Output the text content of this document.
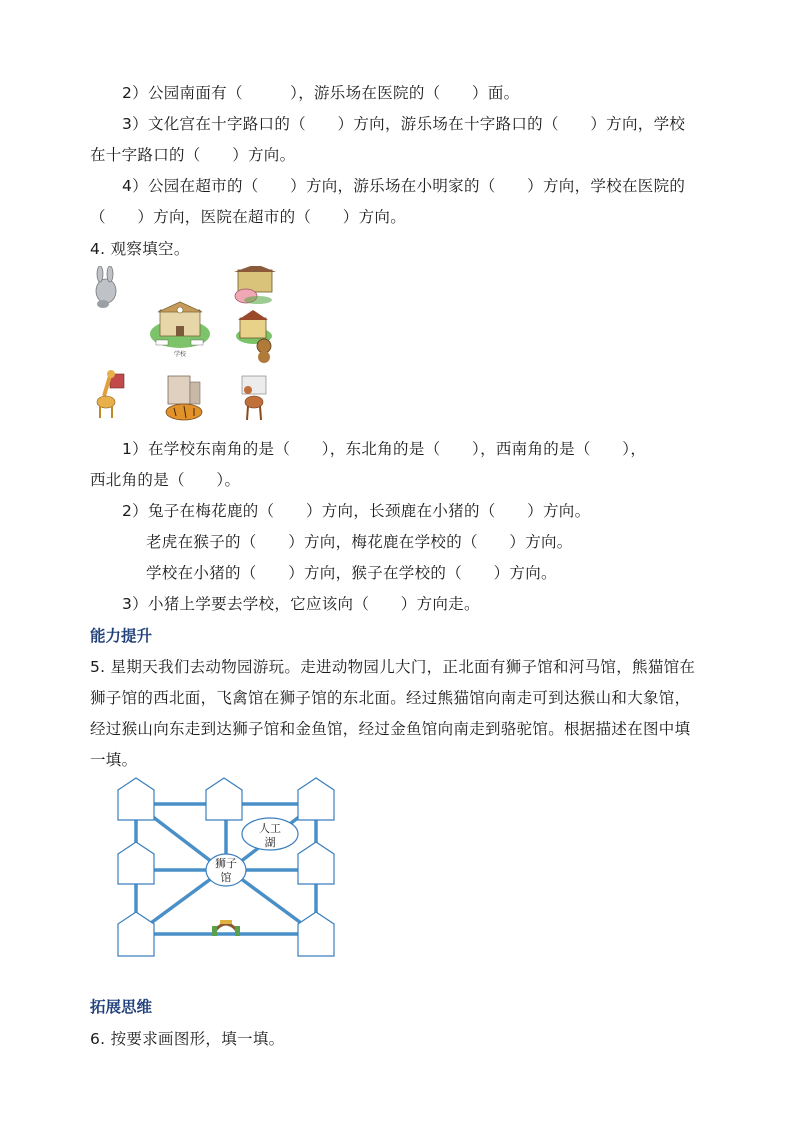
2）公园南面有（　　　），游乐场在医院的（　　）面。
3）文化宫在十字路口的（　　）方向，游乐场在十字路口的（　　）方向，学校
在十字路口的（　　）方向。
4）公园在超市的（　　）方向，游乐场在小明家的（　　）方向，学校在医院的
（　　）方向，医院在超市的（　　）方向。
4. 观察填空。
学校
1）在学校东南角的是（　　），东北角的是（　　），西南角的是（　　），
西北角的是（　　）。
2）兔子在梅花鹿的（　　）方向，长颈鹿在小猪的（　　）方向。
老虎在猴子的（　　）方向，梅花鹿在学校的（　　）方向。
学校在小猪的（　　）方向，猴子在学校的（　　）方向。
3）小猪上学要去学校，它应该向（　　）方向走。
能力提升
5. 星期天我们去动物园游玩。走进动物园儿大门，正北面有狮子馆和河马馆，熊猫馆在
狮子馆的西北面，飞禽馆在狮子馆的东北面。经过熊猫馆向南走可到达猴山和大象馆，
经过猴山向东走到达狮子馆和金鱼馆，经过金鱼馆向南走到骆驼馆。根据描述在图中填
一填。
人工
湖
狮子
馆
拓展思维
6. 按要求画图形，填一填。
